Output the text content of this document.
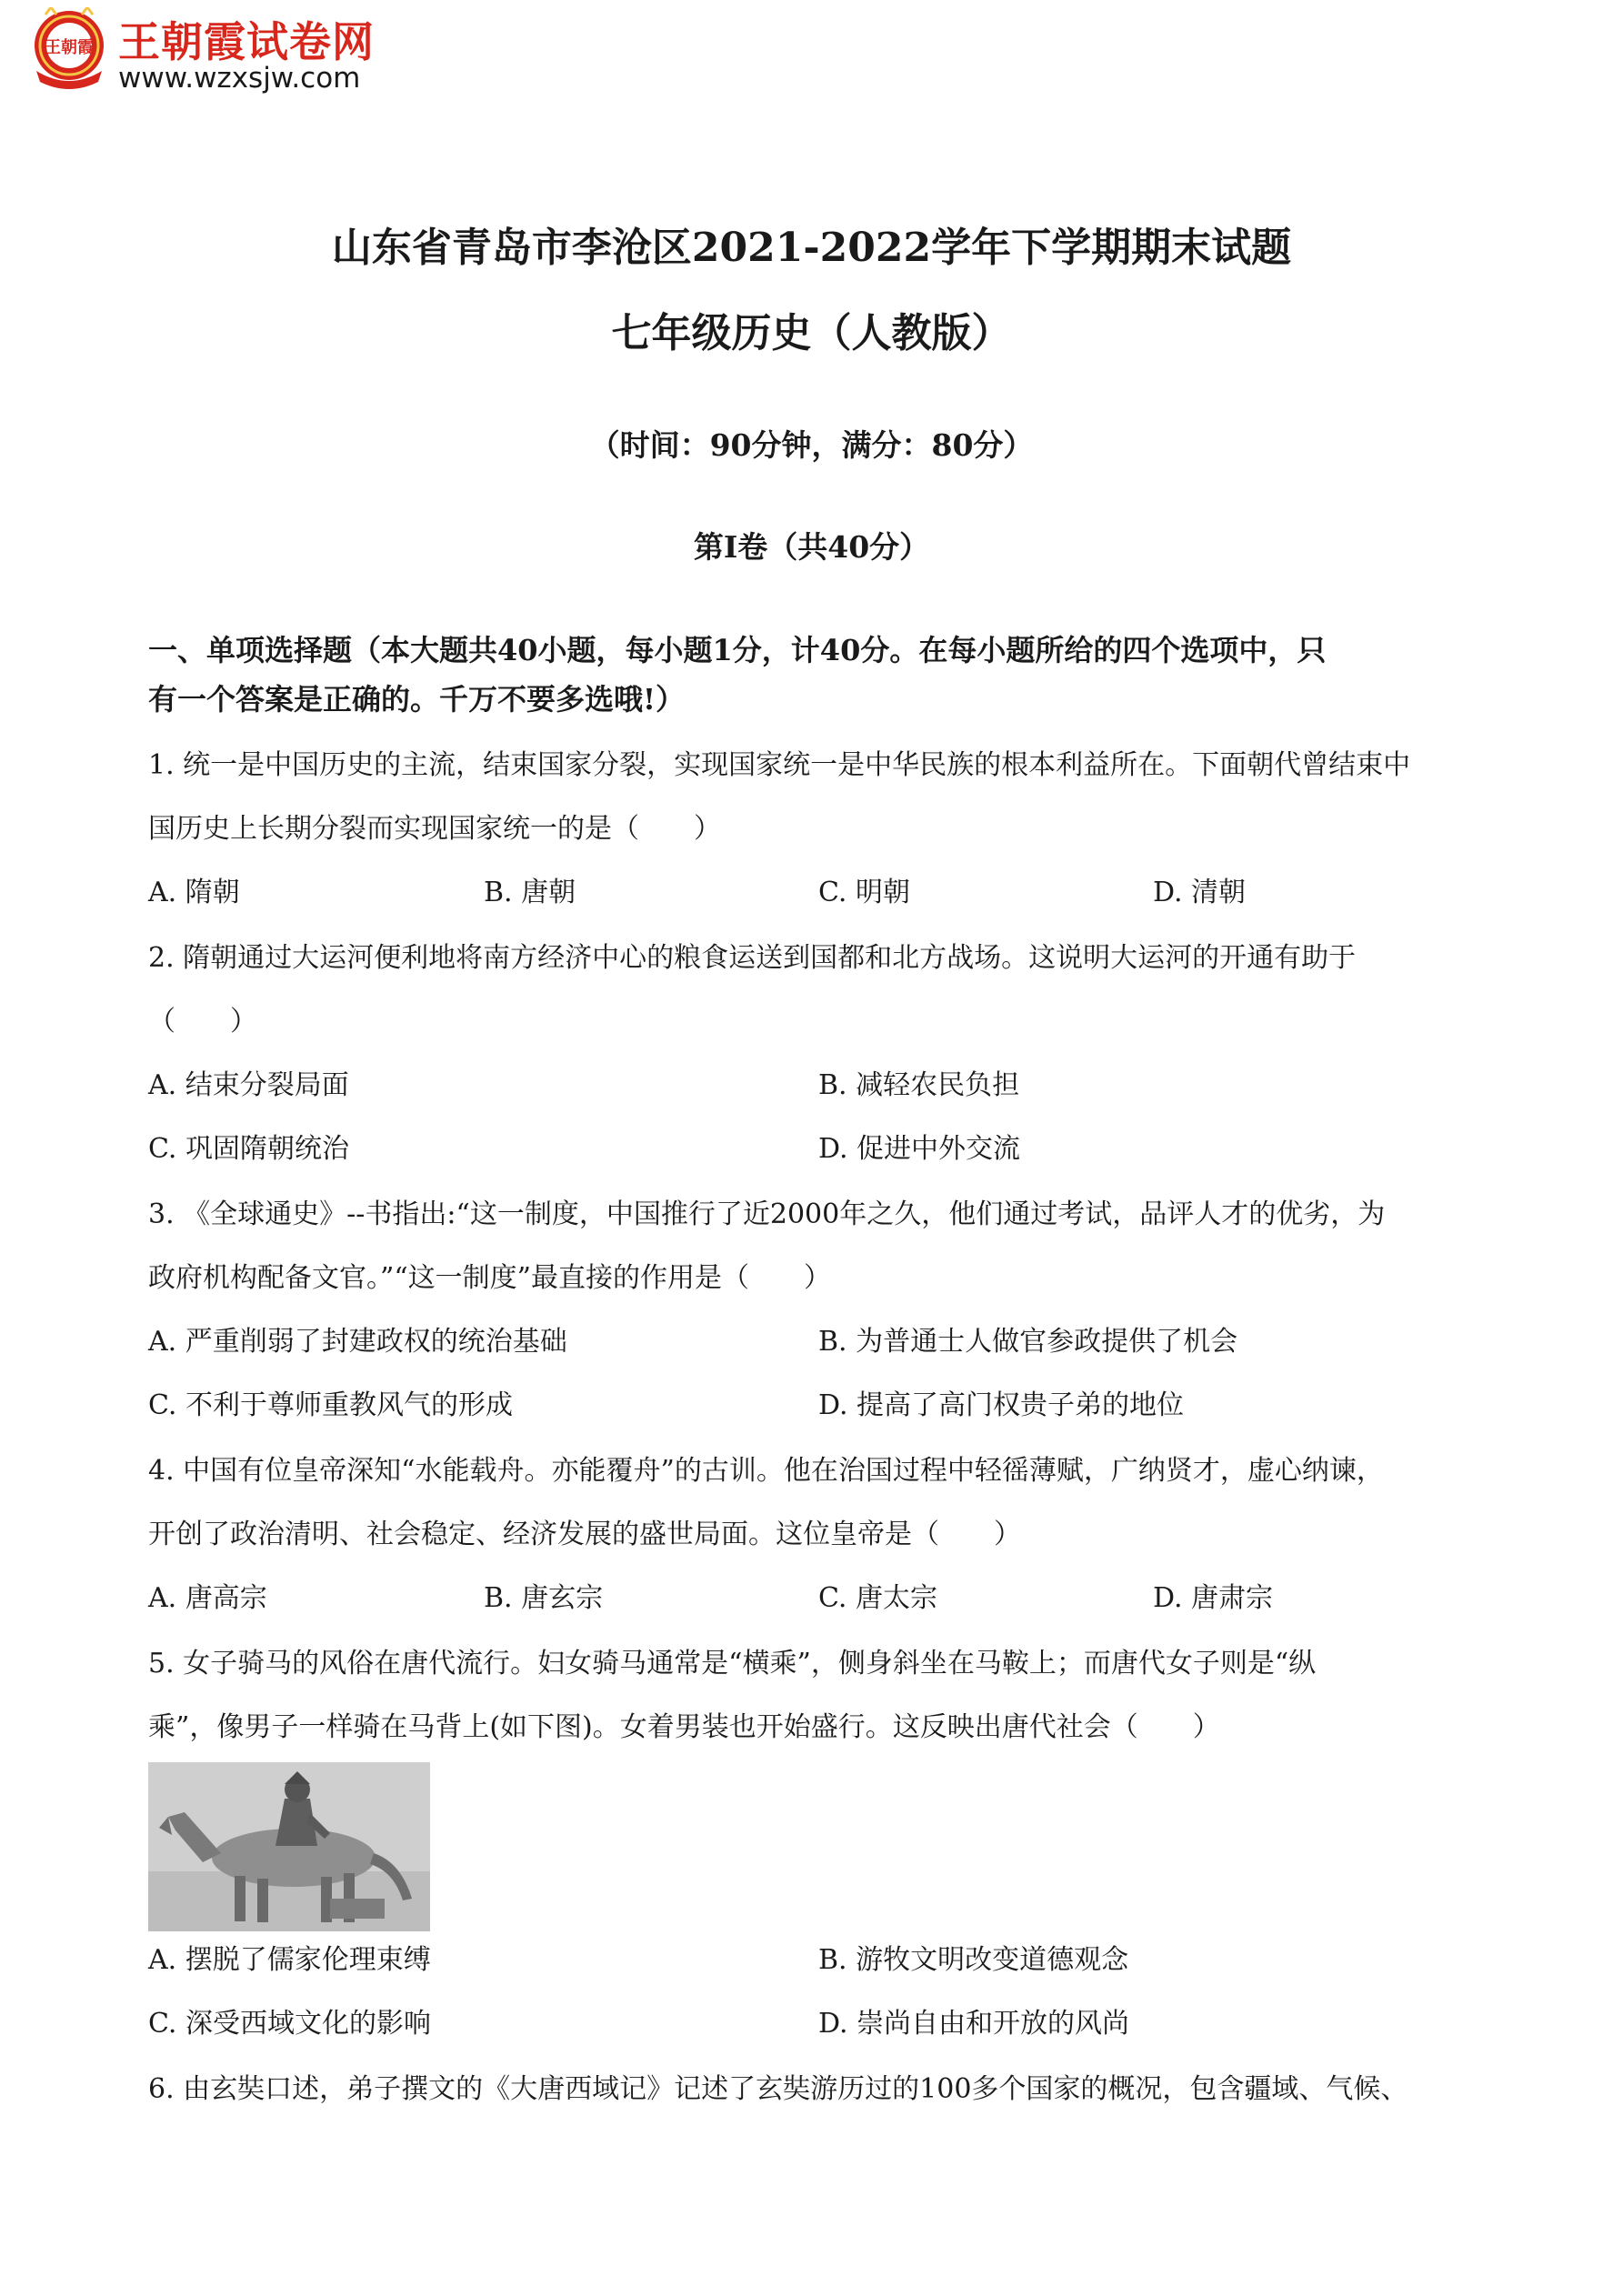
王朝霞 王朝霞试卷网
www.wzxsjw.com
山东省青岛市李沧区2021-2022学年下学期期末试题
七年级历史（人教版）
（时间：90分钟，满分：80分）
第Ⅰ卷（共40分）
一、单项选择题（本大题共40小题，每小题1分，计40分。在每小题所给的四个选项中，只
有一个答案是正确的。千万不要多选哦!）
1. 统一是中国历史的主流，结束国家分裂，实现国家统一是中华民族的根本利益所在。下面朝代曾结束中
国历史上长期分裂而实现国家统一的是（　　）
A. 隋朝	B. 唐朝	C. 明朝	D. 清朝
2. 隋朝通过大运河便利地将南方经济中心的粮食运送到国都和北方战场。这说明大运河的开通有助于
（　　）
A. 结束分裂局面	B. 减轻农民负担
C. 巩固隋朝统治	D. 促进中外交流
3. 《全球通史》--书指出:“这一制度，中国推行了近2000年之久，他们通过考试，品评人才的优劣，为
政府机构配备文官。”“这一制度”最直接的作用是（　　）
A. 严重削弱了封建政权的统治基础	B. 为普通士人做官参政提供了机会
C. 不利于尊师重教风气的形成	D. 提高了高门权贵子弟的地位
4. 中国有位皇帝深知“水能载舟。亦能覆舟”的古训。他在治国过程中轻徭薄赋，广纳贤才，虚心纳谏，
开创了政治清明、社会稳定、经济发展的盛世局面。这位皇帝是（　　）
A. 唐高宗	B. 唐玄宗	C. 唐太宗	D. 唐肃宗
5. 女子骑马的风俗在唐代流行。妇女骑马通常是“横乘”，侧身斜坐在马鞍上；而唐代女子则是“纵
乘”，像男子一样骑在马背上(如下图)。女着男装也开始盛行。这反映出唐代社会（　　）
A. 摆脱了儒家伦理束缚	B. 游牧文明改变道德观念
C. 深受西域文化的影响	D. 崇尚自由和开放的风尚
6. 由玄奘口述，弟子撰文的《大唐西域记》记述了玄奘游历过的100多个国家的概况，包含疆域、气候、
